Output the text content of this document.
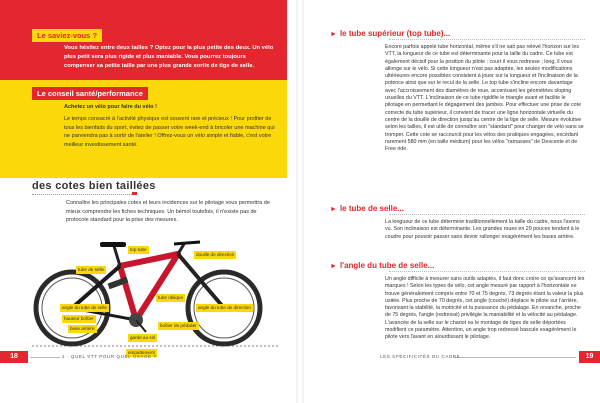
Le saviez-vous ?

Vous hésitez entre deux tailles ? Optez pour la plus petite des deux. Un vélo plus petit sera plus rigide et plus maniable. Vous pourrez toujours compenser sa petite taille par une plus grande sortie de tige de selle.

Le conseil santé/performance

Achetez un vélo pour faire du vélo !

Le temps consacré à l'activité physique est souvent rare et précieux ! Pour profiter de tous les bienfaits du sport, évitez de passer votre week-end à bricoler une machine qui ne parviendra pas à sortir de l'atelier ! Offrez-vous un vélo simple et fiable, c'est votre meilleur investissement santé.

des cotes bien taillées

Connaître les principales cotes et leurs incidences sur le pilotage vous permettra de mieux comprendre les fiches techniques. Un bémol toutefois, il n'existe pas de protocole standard pour la prise des mesures.

top tube
douille de direction
tube de selle
angle du tube de selle
hauteur boîtier
base arrière
tube oblique
angle du tube de direction
boîtier de pédalier
garde au sol
empattement
18	1 · QUEL VTT POUR QUEL USAGE ?
► le tube supérieur (top tube)...

Encore parfois appelé tube horizontal, même s'il ne sait pas relevé l'horizon sur les VTT, la longueur de ce tube est déterminante pour la taille du cadre. Ce tube est également décisif pour la position du pilote : court il vous redresse ; long, il vous allonge sur le vélo. Si cette longueur n'est pas adaptée, les seules modifications ultérieures encore possibles consistent à jouer sur la longueur et l'inclinaison de la potence ainsi que sur le recul de la selle. Le top tube s'incline encore davantage avec l'accroissement des diamètres de roue, accentuant les géométries sloping usuelles du VTT. L'inclinaison de ce tube rigidifie le triangle avant et facilite le pilotage en permettant le dégagement des jambes. Pour effectuer une prise de cote correcte du tube supérieur, il convient de tracer une ligne horizontale virtuelle du centre de la douille de direction jusqu'au centre de la tige de selle. Mesure évolutive selon les tailles, il est utile de connaître son "standard" pour changer de vélo sans se tromper. Cette cote se raccourcit pour les vélos des pratiques engagées, excédant rarement 580 mm (en taille médium) pour les vélos "ramasses" de Descente et de Free ride.

► le tube de selle...

La longueur de ce tube détermine traditionnellement la taille du cadre, nous l'avons vu. Son inclinaison est déterminante. Les grandes roues en 29 pouces tendent à le coudre pour pouvoir passer sans devoir rallonger exagérément les bases arrière.

► l'angle du tube de selle...

Un angle difficile à mesurer sans outils adaptés, il faut donc croire ce qu'avancent les marques ! Selon les types de vélo, cet angle mesuré par rapport à l'horizontale se trouve généralement compris entre 70 et 75 degrés, 73 degrés étant la valeur la plus usitée. Plus proche de 70 degrés, cet angle (couché) déplace le pilote sur l'arrière, favorisant la stabilité, la motricité et la puissance du pédalage. En revanche, proche de 75 degrés, l'angle (redressé) privilégie la maniabilité et la vélocité au pédalage. L'avancée de la selle sur le chariot ou le montage de tiges de selle déportées modifient ce paramètre. Attention, un angle trop redressé bascule exagérément le pilote vers l'avant en alourdissant le pilotage.

LES SPÉCIFICITÉS DU CADRE	19
